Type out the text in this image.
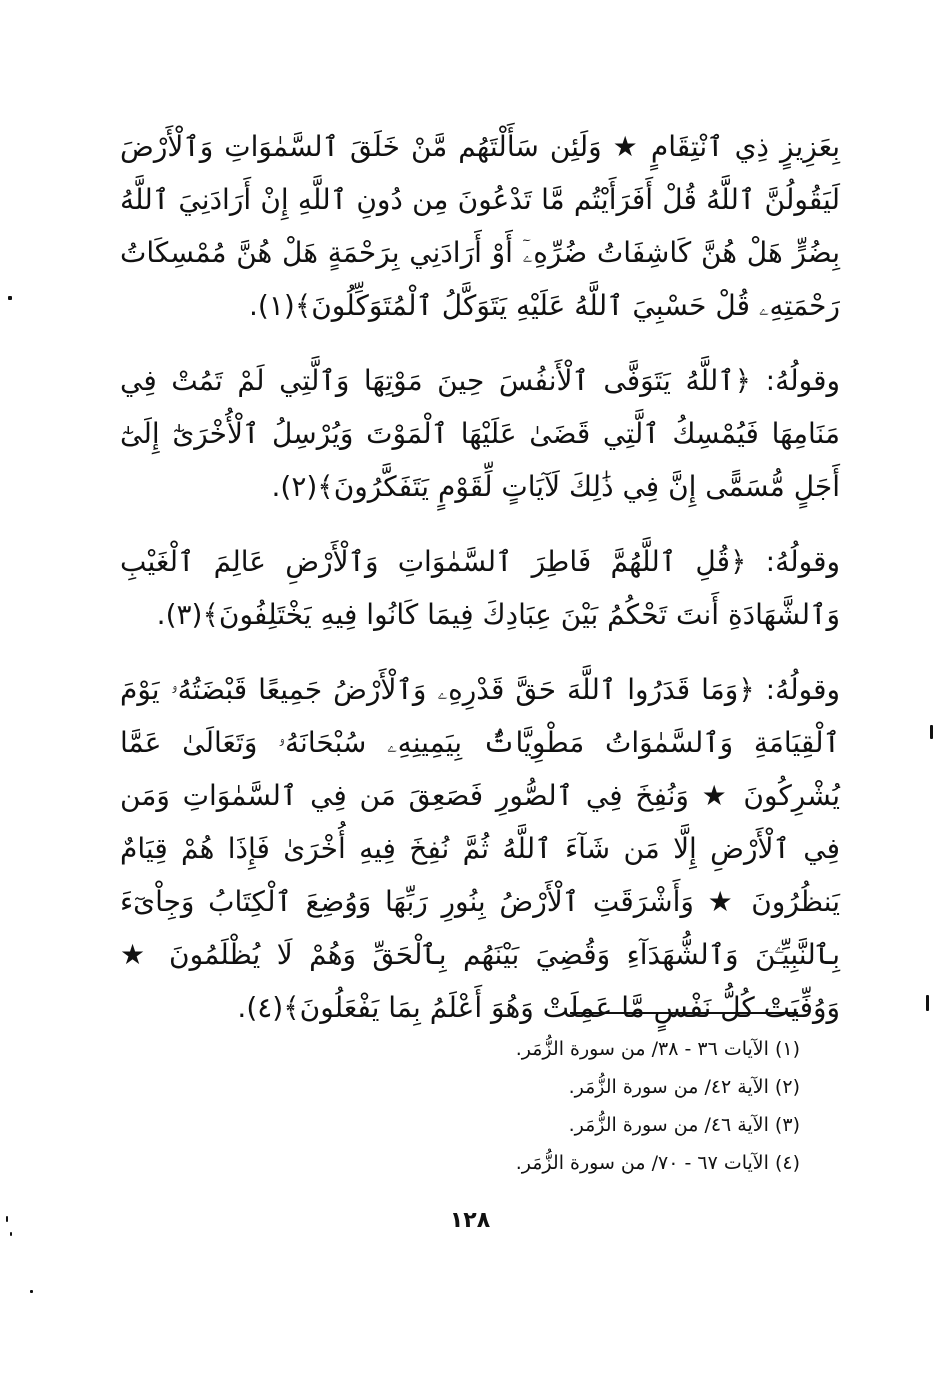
بِعَزِيزٍ ذِي ٱنْتِقَامٍ ★ وَلَئِن سَأَلْتَهُم مَّنْ خَلَقَ ٱلسَّمٰوَاتِ وَٱلْأَرْضَ لَيَقُولُنَّ ٱللَّهُ قُلْ أَفَرَأَيْتُم مَّا تَدْعُونَ مِن دُونِ ٱللَّهِ إِنْ أَرَادَنِيَ ٱللَّهُ بِضُرٍّ هَلْ هُنَّ كَاشِفَاتُ ضُرِّهِۦٓ أَوْ أَرَادَنِي بِرَحْمَةٍ هَلْ هُنَّ مُمْسِكَاتُ رَحْمَتِهِۦ قُلْ حَسْبِيَ ٱللَّهُ عَلَيْهِ يَتَوَكَّلُ ٱلْمُتَوَكِّلُونَ﴾(١).

وقولُهُ: ﴿ٱللَّهُ يَتَوَفَّى ٱلْأَنفُسَ حِينَ مَوْتِهَا وَٱلَّتِي لَمْ تَمُتْ فِي مَنَامِهَا فَيُمْسِكُ ٱلَّتِي قَضَىٰ عَلَيْهَا ٱلْمَوْتَ وَيُرْسِلُ ٱلْأُخْرَىٰٓ إِلَىٰٓ أَجَلٍ مُّسَمًّى إِنَّ فِي ذَٰلِكَ لَآيَاتٍ لِّقَوْمٍ يَتَفَكَّرُونَ﴾(٢).

وقولُهُ: ﴿قُلِ ٱللَّهُمَّ فَاطِرَ ٱلسَّمٰوَاتِ وَٱلْأَرْضِ عَالِمَ ٱلْغَيْبِ وَٱلشَّهَادَةِ أَنتَ تَحْكُمُ بَيْنَ عِبَادِكَ فِيمَا كَانُوا فِيهِ يَخْتَلِفُونَ﴾(٣).

وقولُهُ: ﴿وَمَا قَدَرُوا ٱللَّهَ حَقَّ قَدْرِهِۦ وَٱلْأَرْضُ جَمِيعًا قَبْضَتُهُۥ يَوْمَ ٱلْقِيَامَةِ وَٱلسَّمٰوَاتُ مَطْوِيَّاتٌۢ بِيَمِينِهِۦ سُبْحَانَهُۥ وَتَعَالَىٰ عَمَّا يُشْرِكُونَ ★ وَنُفِخَ فِي ٱلصُّورِ فَصَعِقَ مَن فِي ٱلسَّمٰوَاتِ وَمَن فِي ٱلْأَرْضِ إِلَّا مَن شَآءَ ٱللَّهُ ثُمَّ نُفِخَ فِيهِ أُخْرَىٰ فَإِذَا هُمْ قِيَامٌ يَنظُرُونَ ★ وَأَشْرَقَتِ ٱلْأَرْضُ بِنُورِ رَبِّهَا وَوُضِعَ ٱلْكِتَابُ وَجِاْىٓءَ بِٱلنَّبِيِّـۧنَ وَٱلشُّهَدَآءِ وَقُضِيَ بَيْنَهُم بِٱلْحَقِّ وَهُمْ لَا يُظْلَمُونَ ★ وَوُفِّيَتْ كُلُّ نَفْسٍ مَّا عَمِلَتْ وَهُوَ أَعْلَمُ بِمَا يَفْعَلُونَ﴾(٤).

(١) الآيات ٣٦ - ٣٨/ من سورة الزُّمَر.
(٢) الآية ٤٢/ من سورة الزُّمَر.
(٣) الآية ٤٦/ من سورة الزُّمَر.
(٤) الآيات ٦٧ - ٧٠/ من سورة الزُّمَر.
١٢٨
